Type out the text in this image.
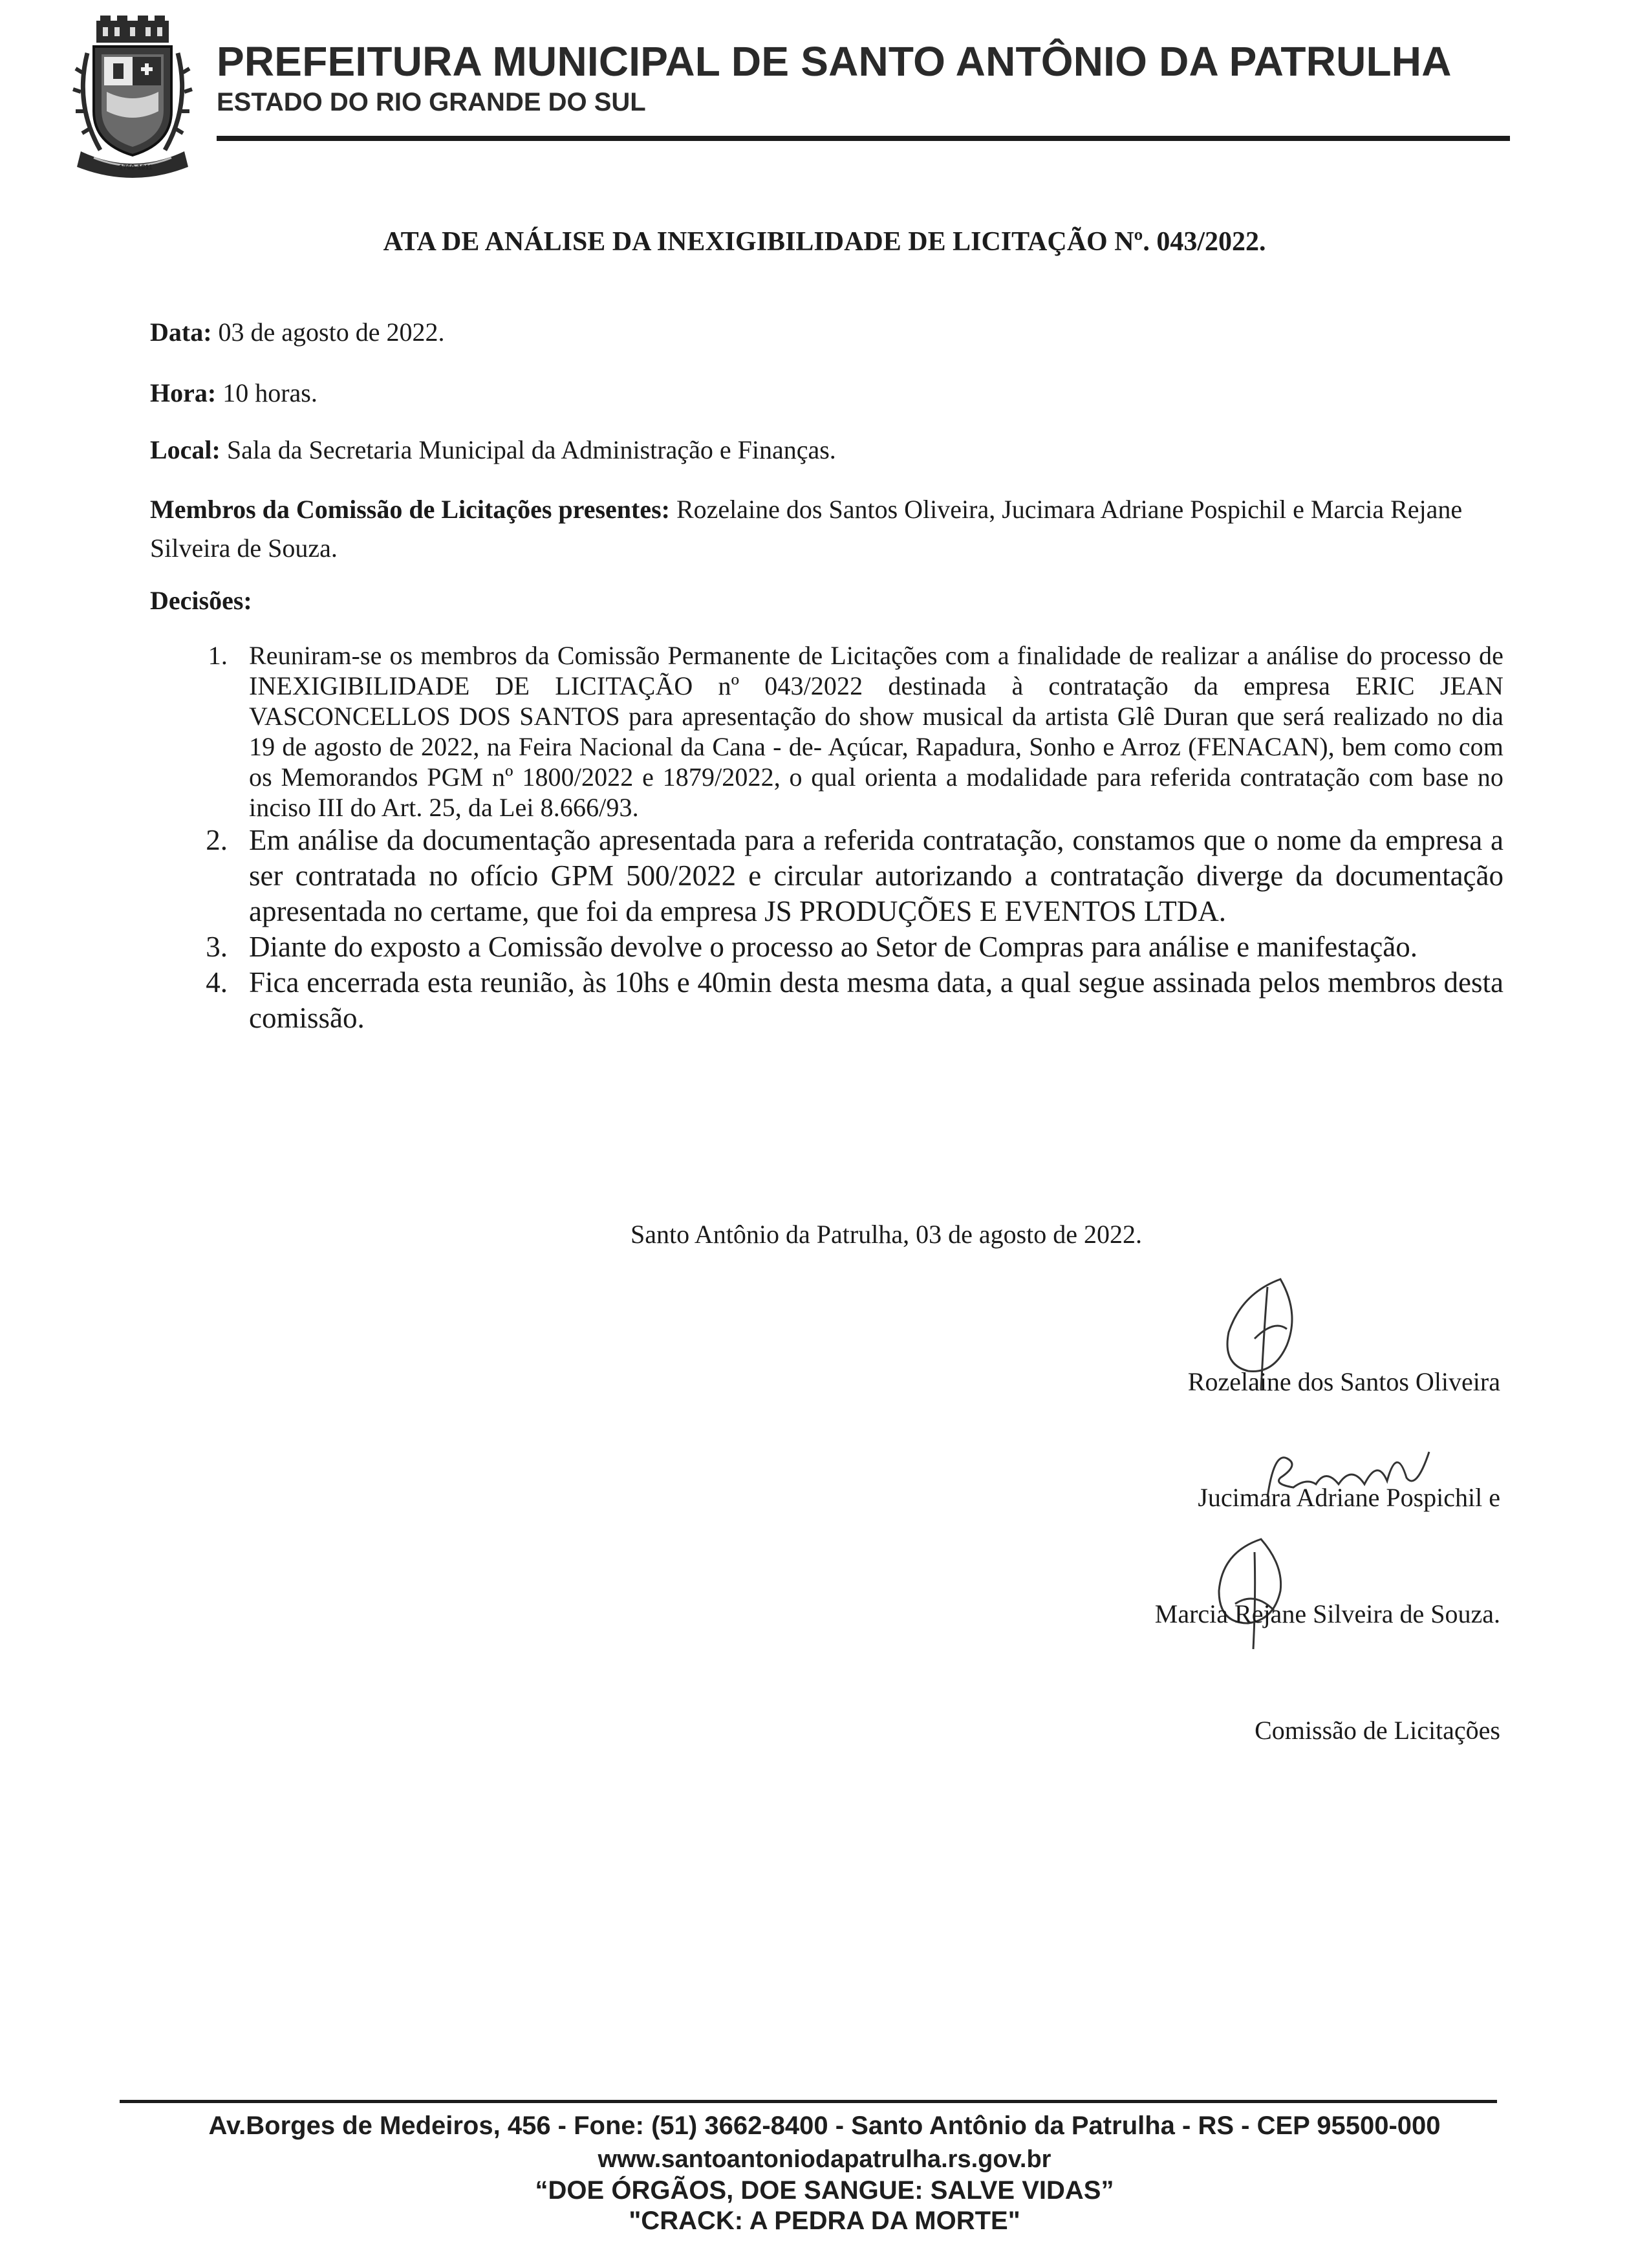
1760-1811
PREFEITURA MUNICIPAL DE SANTO ANTÔNIO DA PATRULHA
ESTADO DO RIO GRANDE DO SUL
ATA DE ANÁLISE DA INEXIGIBILIDADE DE LICITAÇÃO Nº. 043/2022.
Data: 03 de agosto de 2022.
Hora: 10 horas.
Local: Sala da Secretaria Municipal da Administração e Finanças.
Membros da Comissão de Licitações presentes: Rozelaine dos Santos Oliveira, Jucimara Adriane Pospichil e Marcia Rejane Silveira de Souza.
Decisões:
1. Reuniram-se os membros da Comissão Permanente de Licitações com a finalidade de realizar a análise do processo de INEXIGIBILIDADE DE LICITAÇÃO nº 043/2022 destinada à contratação da empresa ERIC JEAN VASCONCELLOS DOS SANTOS para apresentação do show musical da artista Glê Duran que será realizado no dia 19 de agosto de 2022, na Feira Nacional da Cana - de- Açúcar, Rapadura, Sonho e Arroz (FENACAN), bem como com os Memorandos PGM nº 1800/2022 e 1879/2022, o qual orienta a modalidade para referida contratação com base no inciso III do Art. 25, da Lei 8.666/93.
2. Em análise da documentação apresentada para a referida contratação, constamos que o nome da empresa a ser contratada no ofício GPM 500/2022 e circular autorizando a contratação diverge da documentação apresentada no certame, que foi da empresa JS PRODUÇÕES E EVENTOS LTDA.
3. Diante do exposto a Comissão devolve o processo ao Setor de Compras para análise e manifestação.
4. Fica encerrada esta reunião, às 10hs e 40min desta mesma data, a qual segue assinada pelos membros desta comissão.
Santo Antônio da Patrulha, 03 de agosto de 2022.
Rozelaine dos Santos Oliveira
Jucimara Adriane Pospichil e
Marcia Rejane Silveira de Souza.
Comissão de Licitações
Av.Borges de Medeiros, 456 - Fone: (51) 3662-8400 - Santo Antônio da Patrulha - RS - CEP 95500-000
www.santoantoniodapatrulha.rs.gov.br
“DOE ÓRGÃOS, DOE SANGUE: SALVE VIDAS”
"CRACK: A PEDRA DA MORTE"
